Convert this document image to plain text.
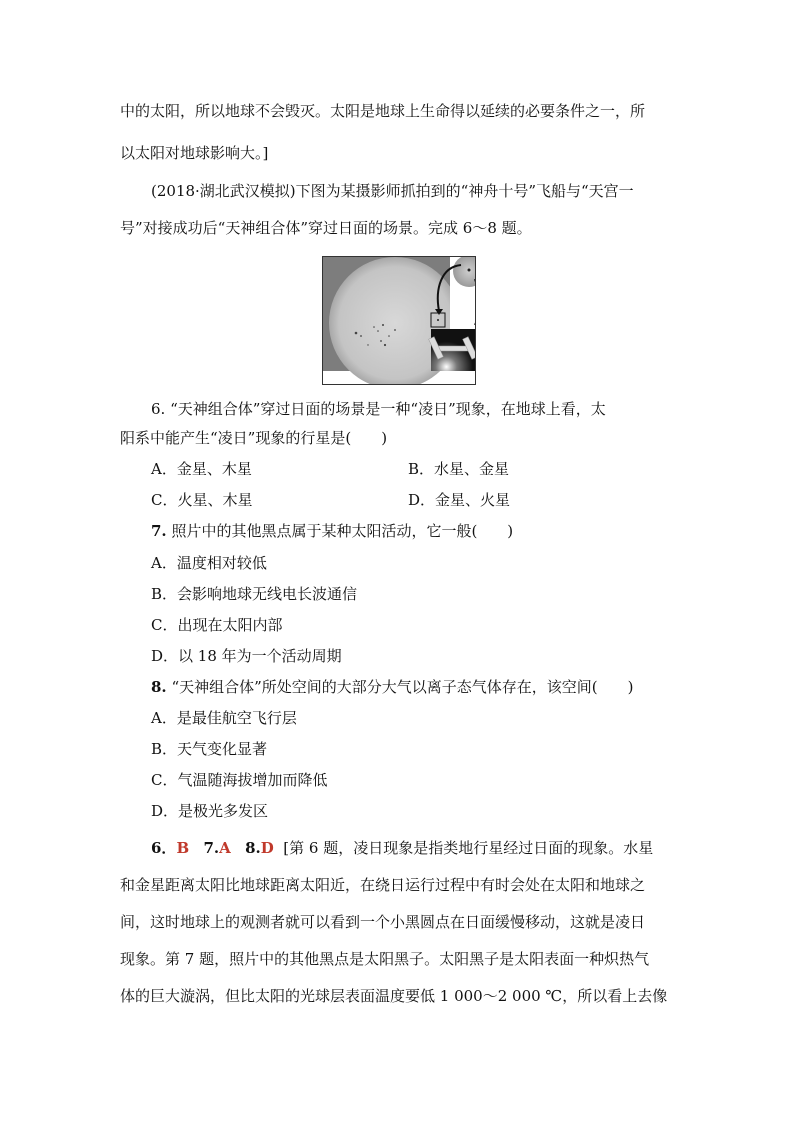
中的太阳，所以地球不会毁灭。太阳是地球上生命得以延续的必要条件之一，所
以太阳对地球影响大。]
(2018·湖北武汉模拟)下图为某摄影师抓拍到的“神舟十号”飞船与“天宫一
号”对接成功后“天神组合体”穿过日面的场景。完成 6～8 题。
6. “天神组合体”穿过日面的场景是一种“凌日”现象，在地球上看，太
阳系中能产生“凌日”现象的行星是(　　)
A．金星、木星	B．水星、金星
C．火星、木星	D．金星、火星
7. 照片中的其他黑点属于某种太阳活动，它一般(　　)
A．温度相对较低
B．会影响地球无线电长波通信
C．出现在太阳内部
D．以 18 年为一个活动周期
8. “天神组合体”所处空间的大部分大气以离子态气体存在，该空间(　　)
A．是最佳航空飞行层
B．天气变化显著
C．气温随海拔增加而降低
D．是极光多发区
6．B 7.A 8.D [第 6 题，凌日现象是指类地行星经过日面的现象。水星
和金星距离太阳比地球距离太阳近，在绕日运行过程中有时会处在太阳和地球之
间，这时地球上的观测者就可以看到一个小黑圆点在日面缓慢移动，这就是凌日
现象。第 7 题，照片中的其他黑点是太阳黑子。太阳黑子是太阳表面一种炽热气
体的巨大漩涡，但比太阳的光球层表面温度要低 1 000～2 000 ℃，所以看上去像
